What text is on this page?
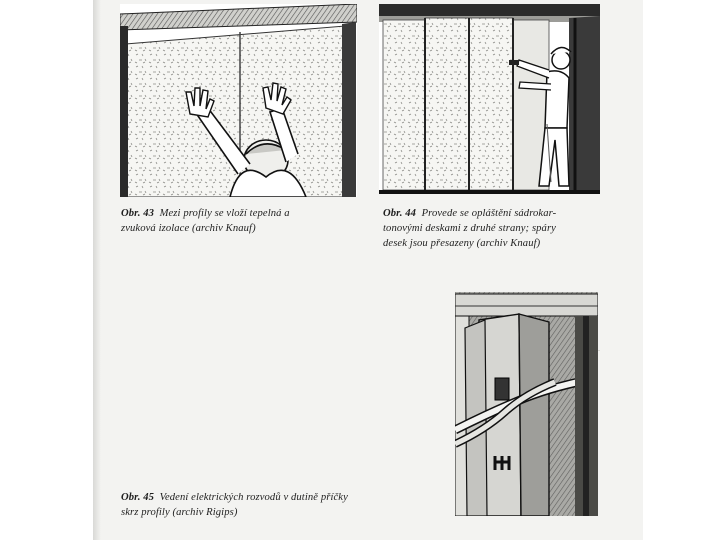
Obr. 43 Mezi profily se vloží tepelná a
zvuková izolace (archiv Knauf)
Obr. 44 Provede se opláštění sádrokar-
tonovými deskami z druhé strany; spáry
desek jsou přesazeny (archiv Knauf)
Obr. 45 Vedení elektrických rozvodů v dutině příčky
skrz profily (archiv Rigips)
